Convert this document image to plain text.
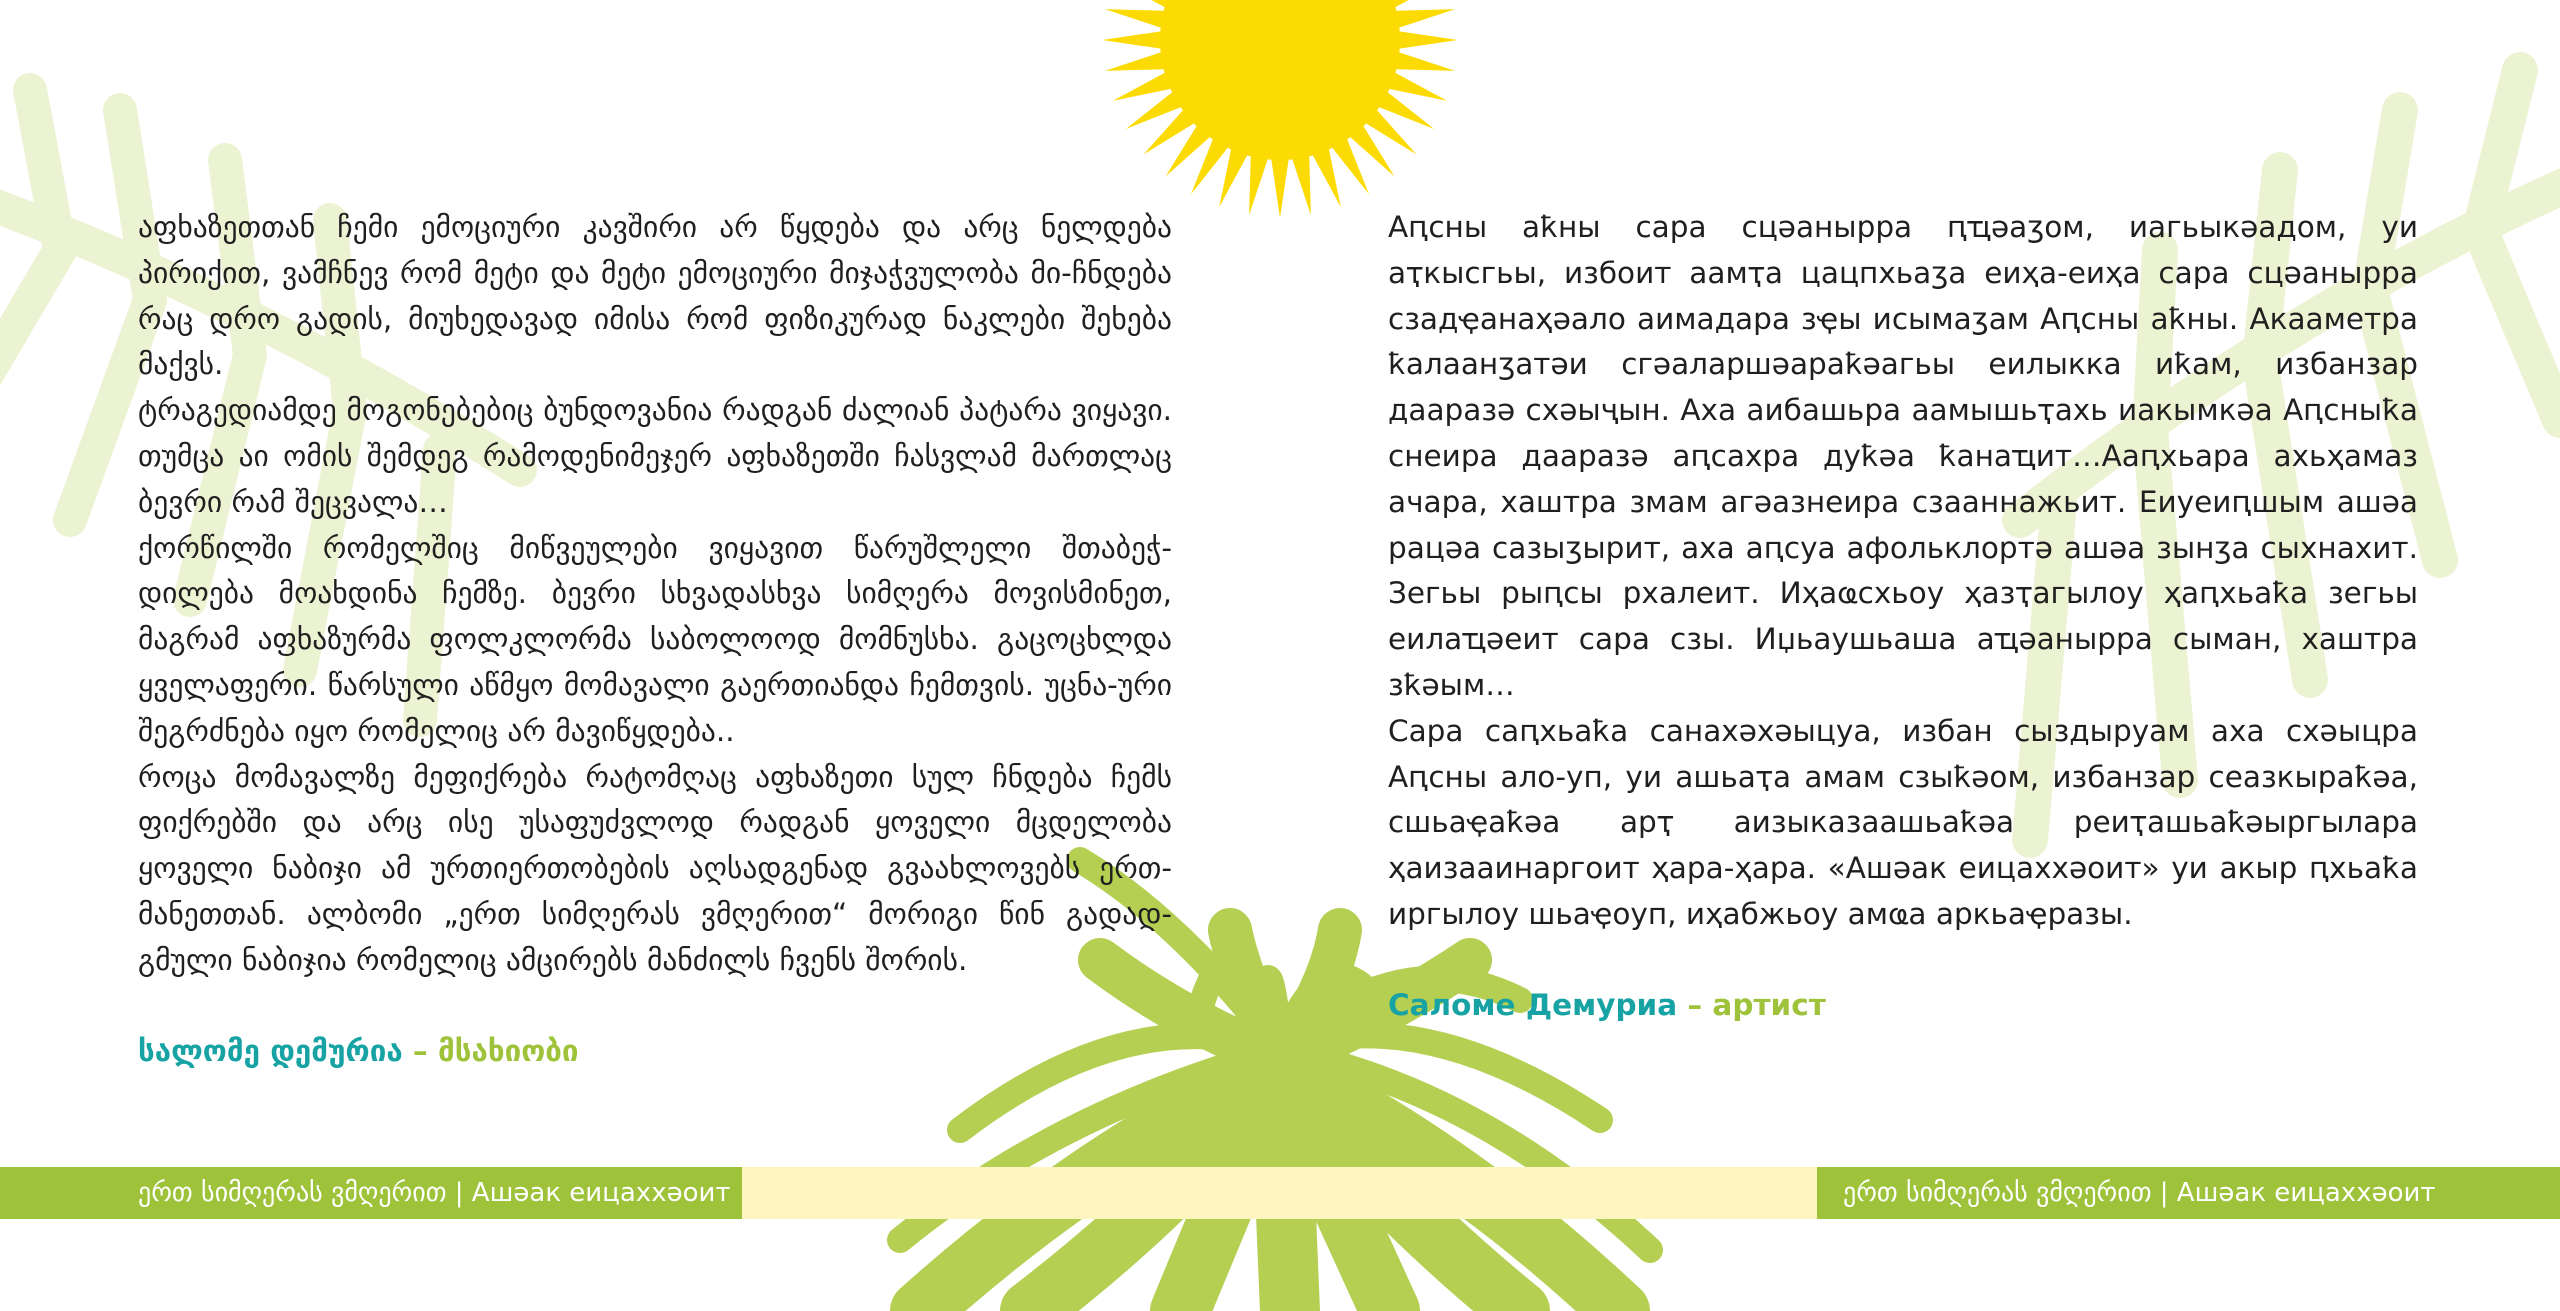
აფხაზეთთან ჩემი ემოციური კავშირი არ წყდება და არც ნელდება პირიქით, ვამჩნევ რომ მეტი და მეტი ემოციური მიჯაჭვულობა მი-ჩნდება რაც დრო გადის, მიუხედავად იმისა რომ ფიზიკურად ნაკლები შეხება მაქვს.

ტრაგედიამდე მოგონებებიც ბუნდოვანია რადგან ძალიან პატარა ვიყავი. თუმცა აი ომის შემდეგ რამოდენიმეჯერ აფხაზეთში ჩასვლამ მართლაც ბევრი რამ შეცვალა…

ქორწილში რომელშიც მიწვეულები ვიყავით წარუშლელი შთაბეჭ-დილება მოახდინა ჩემზე. ბევრი სხვადასხვა სიმღერა მოვისმინეთ, მაგრამ აფხაზურმა ფოლკლორმა საბოლოოდ მომნუსხა. გაცოცხლდა ყველაფერი. წარსული აწმყო მომავალი გაერთიანდა ჩემთვის. უცნა-ური შეგრძნება იყო რომელიც არ მავიწყდება..

როცა მომავალზე მეფიქრება რატომღაც აფხაზეთი სულ ჩნდება ჩემს ფიქრებში და არც ისე უსაფუძვლოდ რადგან ყოველი მცდელობა ყოველი ნაბიჯი ამ ურთიერთობების აღსადგენად გვაახლოვებს ერთ-მანეთთან. ალბომი „ერთ სიმღერას ვმღერით“ მორიგი წინ გადად-გმული ნაბიჯია რომელიც ამცირებს მანძილს ჩვენს შორის.

სალომე დემურია – მსახიობი

Аԥсны аҟны сара сцәанырра ԥҵәаӡом, иагьыкәадом, уи аҭкысгьы, избоит аамҭа цацпхьаӡа еиҳа-еиҳа сара сцәанырра сзадҿанаҳәало аимадара зҿы исымаӡам Аԥсны аҟны. Акааметра ҟалаанӡатәи сгәаларшәараҟәагьы еилыкка иҟам, избанзар дааразә схәыҷын. Аха аибашьра аамышьҭахь иакымкәа Аԥсныҟа снеира дааразә аԥсахра дуҟәа ҟанаҵит…Ааԥхьара ахьҳамаз ачара, хаштра змам агәазнеира сзааннажьит. Еиуеиԥшым ашәа рацәа сазыӡырит, аха аԥсуа афольклортә ашәа зынӡа сыхнахит. Зегьы рыԥсы рхалеит. Иҳаҩсхьоу ҳазҭагылоу ҳаԥхьаҟа зегьы еилаҵәеит сара сзы. Иџьаушьаша аҵәанырра сыман, хаштра зҟәым…

Сара саԥхьаҟа санахәхәыцуа, избан сыздыруам аха схәыцра Аԥсны ало-уп, уи ашьаҭа амам сзыҟәом, избанзар сеазкыраҟәа, сшьаҿаҟәа арҭ аизыказаашьаҟәа реиҭашьаҟәыргылара ҳаизааинаргоит ҳара-ҳара. «Ашәак еицаххәоит» уи акыр ԥхьаҟа иргылоу шьаҿоуп, иҳабжьоу амҩа аркьаҿразы.

Саломе Демуриа – артист

ერთ სიმღერას ვმღერით | Ашәак еицаххәоит	ერთ სიმღერას ვმღერით | Ашәак еицаххәоит
